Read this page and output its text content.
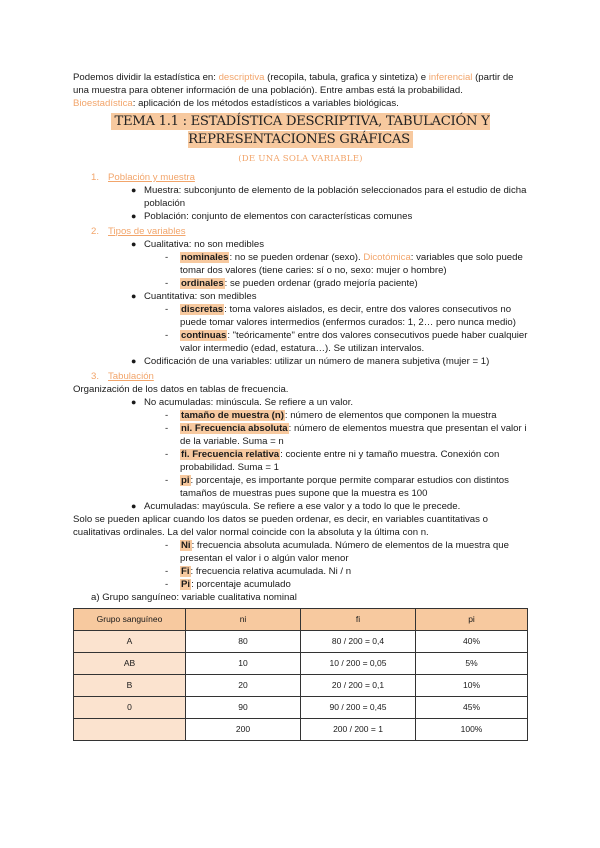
Podemos dividir la estadística en: descriptiva (recopila, tabula, grafica y sintetiza) e inferencial (partir de una muestra para obtener información de una población). Entre ambas está la probabilidad.

Bioestadística: aplicación de los métodos estadísticos a variables biológicas.

TEMA 1.1 : ESTADÍSTICA DESCRIPTIVA, TABULACIÓN Y REPRESENTACIONES GRÁFICAS
(DE UNA SOLA VARIABLE)
1. Población y muestra
● Muestra: subconjunto de elemento de la población seleccionados para el estudio de dicha población
● Población: conjunto de elementos con características comunes
2. Tipos de variables
● Cualitativa: no son medibles
-	nominales: no se pueden ordenar (sexo). Dicotómica: variables que solo puede tomar dos valores (tiene caries: sí o no, sexo: mujer o hombre)
-	ordinales: se pueden ordenar (grado mejoría paciente)
● Cuantitativa: son medibles
-	discretas: toma valores aislados, es decir, entre dos valores consecutivos no puede tomar valores intermedios (enfermos curados: 1, 2… pero nunca medio)
-	continuas: "teóricamente" entre dos valores consecutivos puede haber cualquier valor intermedio (edad, estatura…). Se utilizan intervalos.
● Codificación de una variables: utilizar un número de manera subjetiva (mujer = 1)
3. Tabulación

Organización de los datos en tablas de frecuencia.

● No acumuladas: minúscula. Se refiere a un valor.
-	tamaño de muestra (n): número de elementos que componen la muestra
-	ni. Frecuencia absoluta: número de elementos muestra que presentan el valor i de la variable. Suma = n
-	fi. Frecuencia relativa: cociente entre ni y tamaño muestra. Conexión con probabilidad. Suma = 1
-	pi: porcentaje, es importante porque permite comparar estudios con distintos tamaños de muestras pues supone que la muestra es 100
● Acumuladas: mayúscula. Se refiere a ese valor y a todo lo que le precede.

Solo se pueden aplicar cuando los datos se pueden ordenar, es decir, en variables cuantitativas o cualitativas ordinales. La del valor normal coincide con la absoluta y la última con n.

-	Ni: frecuencia absoluta acumulada. Número de elementos de la muestra que presentan el valor i o algún valor menor
-	Fi: frecuencia relativa acumulada. Ni / n
-	Pi: porcentaje acumulado

a) Grupo sanguíneo: variable cualitativa nominal

Grupo sanguíneo	ni	fi	pi
A	80	80 / 200 = 0,4	40%
AB	10	10 / 200 = 0,05	5%
B	20	20 / 200 = 0,1	10%
0	90	90 / 200 = 0,45	45%
	200	200 / 200 = 1	100%
